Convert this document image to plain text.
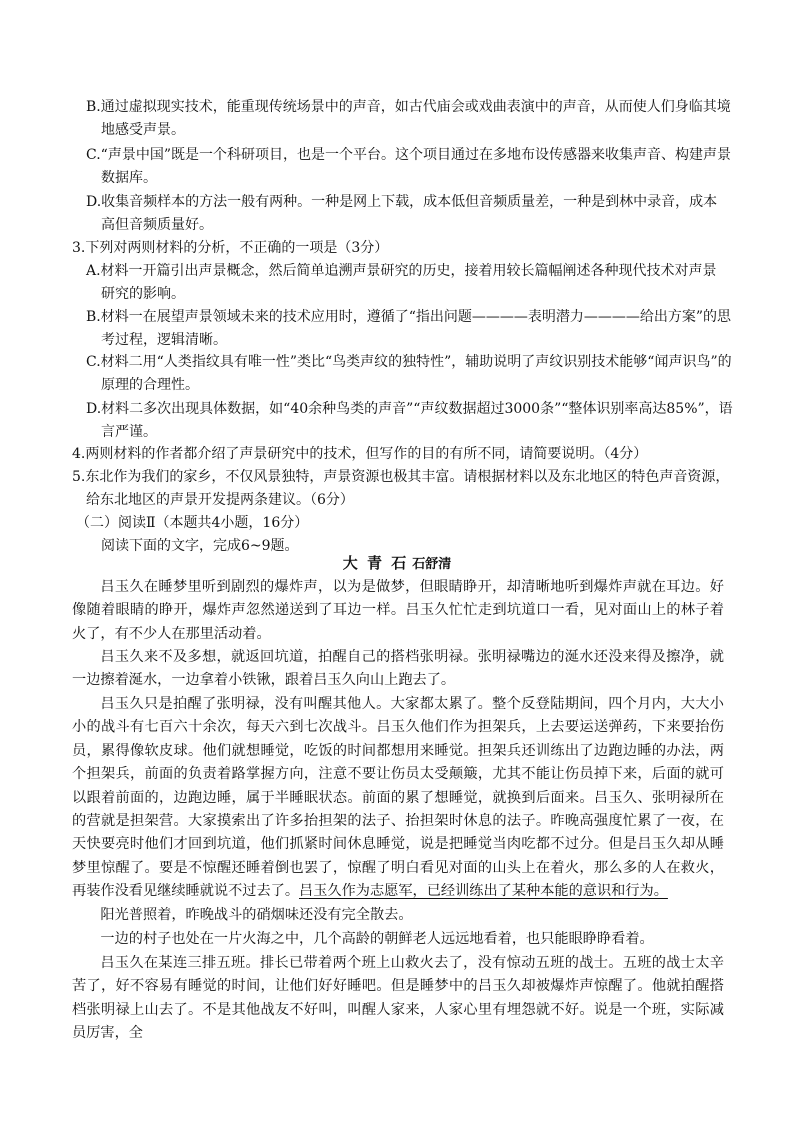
B.通过虚拟现实技术，能重现传统场景中的声音，如古代庙会或戏曲表演中的声音，从而使人们身临其境
地感受声景。
C.“声景中国”既是一个科研项目，也是一个平台。这个项目通过在多地布设传感器来收集声音、构建声景
数据库。
D.收集音频样本的方法一般有两种。一种是网上下载，成本低但音频质量差，一种是到林中录音，成本
高但音频质量好。
3.下列对两则材料的分析，不正确的一项是（3分）
A.材料一开篇引出声景概念，然后简单追溯声景研究的历史，接着用较长篇幅阐述各种现代技术对声景
研究的影响。
B.材料一在展望声景领域未来的技术应用时，遵循了“指出问题————表明潜力————给出方案”的思
考过程，逻辑清晰。
C.材料二用“人类指纹具有唯一性”类比“鸟类声纹的独特性”，辅助说明了声纹识别技术能够“闻声识鸟”的
原理的合理性。
D.材料二多次出现具体数据，如“40余种鸟类的声音”“声纹数据超过3000条”“整体识别率高达85%”，语
言严谨。
4.两则材料的作者都介绍了声景研究中的技术，但写作的目的有所不同，请简要说明。（4分）
5.东北作为我们的家乡，不仅风景独特，声景资源也极其丰富。请根据材料以及东北地区的特色声音资源，
给东北地区的声景开发提两条建议。（6分）
（二）阅读Ⅱ（本题共4小题，16分）
阅读下面的文字，完成6~9题。
大 青 石 石舒清
吕玉久在睡梦里听到剧烈的爆炸声，以为是做梦，但眼睛睁开，却清晰地听到爆炸声就在耳边。好像随着眼睛的睁开，爆炸声忽然递送到了耳边一样。吕玉久忙忙走到坑道口一看，见对面山上的林子着火了，有不少人在那里活动着。
吕玉久来不及多想，就返回坑道，拍醒自己的搭档张明禄。张明禄嘴边的涎水还没来得及擦净，就一边擦着涎水，一边拿着小铁锹，跟着吕玉久向山上跑去了。
吕玉久只是拍醒了张明禄，没有叫醒其他人。大家都太累了。整个反登陆期间，四个月内，大大小小的战斗有七百六十余次，每天六到七次战斗。吕玉久他们作为担架兵，上去要运送弹药，下来要抬伤员，累得像软皮球。他们就想睡觉，吃饭的时间都想用来睡觉。担架兵还训练出了边跑边睡的办法，两个担架兵，前面的负责着路掌握方向，注意不要让伤员太受颠簸，尤其不能让伤员掉下来，后面的就可以跟着前面的，边跑边睡，属于半睡眠状态。前面的累了想睡觉，就换到后面来。吕玉久、张明禄所在的营就是担架营。大家摸索出了许多抬担架的法子、抬担架时休息的法子。昨晚高强度忙累了一夜，在天快要亮时他们才回到坑道，他们抓紧时间休息睡觉，说是把睡觉当肉吃都不过分。但是吕玉久却从睡梦里惊醒了。要是不惊醒还睡着倒也罢了，惊醒了明白看见对面的山头上在着火，那么多的人在救火，再装作没看见继续睡就说不过去了。吕玉久作为志愿军，已经训练出了某种本能的意识和行为。
阳光普照着，昨晚战斗的硝烟味还没有完全散去。
一边的村子也处在一片火海之中，几个高龄的朝鲜老人远远地看着，也只能眼睁睁看着。
吕玉久在某连三排五班。排长已带着两个班上山救火去了，没有惊动五班的战士。五班的战士太辛苦了，好不容易有睡觉的时间，让他们好好睡吧。但是睡梦中的吕玉久却被爆炸声惊醒了。他就拍醒搭档张明禄上山去了。不是其他战友不好叫，叫醒人家来，人家心里有埋怨就不好。说是一个班，实际减员厉害，全
